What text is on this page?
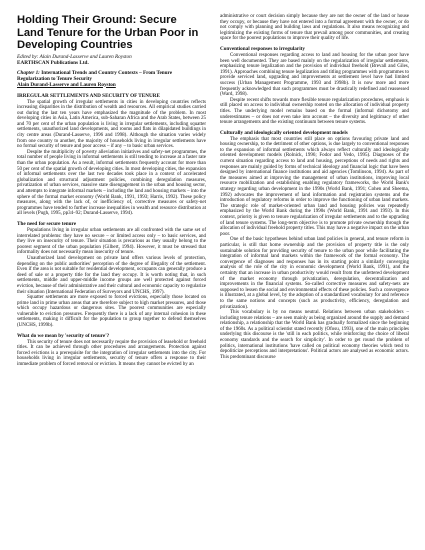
Holding Their Ground: Secure Land Tenure for the Urban Poor in Developing Countries
Edited by: Alain Durand-Lasserve and Lauren Royston
EARTHSCAN Publications Ltd.
Chapter 1: International Trends and Country Contexts – From Tenure Regularization to Tenure Security
Alain Durand-Lasserve and Lauren Royston
IRREGULAR SETTLEMENTS AND SECURITY OF TENURE

The spatial growth of irregular settlements in cities in developing countries reflects increasing disparities in the distribution of wealth and resources. All empirical studies carried out during the last ten years have emphasized the magnitude of the problem. In most developing cities in Asia, Latin America, sub-Saharan Africa and the Arab States, between 25 and 70 per cent of the urban population is living in irregular settlements, including squatter settlements, unauthorized land developments, and rooms and flats in dilapidated buildings in city centre areas (Durand-Lasserve, 1996 and 1998). Although the situation varies widely from one country to another, the majority of households living in irregular settlements have no formal security of tenure and poor access – if any – to basic urban services.

Despite the multiplicity of poverty alleviation initiatives and safety-net programmes, the total number of people living in informal settlements is still tending to increase at a faster rate than the urban population. As a result, informal settlements frequently account for more than 50 per cent of the spatial growth of developing cities. In most developing cities, the expansion of informal settlements over the last two decades took place in a context of accelerated globalization and structural adjustment policies, combining deregulation measures, privatization of urban services, massive state disengagement in the urban and housing sector, and attempts to integrate informal markets – including the land and housing markets – into the sphere of the formal market economy (World Bank, 1991, 1993; Harris, 1992). These policy measures, along with the lack of, or inefficiency of, corrective measures or safety-net programmes have tended to further increase inequalities in wealth and resource distribution at all levels (Pugh, 1995, pp34–92; Durand-Lasserve, 1994).

The need for secure tenure

Populations living in irregular urban settlements are all confronted with the same set of interrelated problems: they have no secure – or limited access only – to basic services, and they live on insecurity of tenure. Their situation is precarious as they usually belong to the poorest segment of the urban population (Gilbert, 1994). However, it must be stressed that informality does not necessarily mean insecurity of tenure.

Unauthorized land development on private land offers various levels of protection, depending on the public authorities' perception of the degree of illegality of the settlement. Even if the area is not suitable for residential development, occupants can generally produce a deed of sale or a property title for the land they occupy. It is worth noting that, in such settlements, middle and upper-middle income groups are well protected against forced eviction, because of their administrative and their cultural and economic capacity to regularize their situation (International Federation of Surveyors and UNCHS, 1997).

Squatter settlements are more exposed to forced evictions, especially those located on prime land in prime urban areas that are therefore subject to high market pressures, and those which occupy hazardous or dangerous sites. The poorest communities are especially vulnerable to eviction pressures. Frequently there is a lack of any internal cohesion in these settlements, making it difficult for the population to group together to defend themselves (UNCHS, 1999b).

What do we mean by 'security of tenure'?

This security of tenure does not necessarily require the provision of leasehold or freehold titles. It can be achieved through other procedures and arrangements. Protection against forced evictions is a prerequisite for the integration of irregular settlements into the city. For households living in irregular settlements, security of tenure offers a response to their immediate problem of forced removal or eviction. It means they cannot be evicted by an

administrative or court decision simply because they are not the owner of the land or house they occupy, or because they have not entered into a formal agreement with the owner, or do not comply with planning and building laws and regulations. It also means recognizing and legitimizing the existing forms of tenure that prevail among poor communities, and creating space for the poorest populations to improve their quality of life.

Conventional responses to irregularity

Conventional responses regarding access to land and housing for the urban poor have been well documented. They are based mainly on the regularization of irregular settlements, emphasizing tenure legalization and the provision of individual freehold (Brevall and Giles, 1991). Approaches combining tenure legalization and titling programmes with programmes to provide serviced land, upgrading and improvements at settlement level have had limited success (Urban Management Programme, 1993 and 1998b). It is now more and more frequently acknowledged that such programmes must be drastically redefined and reassessed (Ward, 1998).

Despite recent shifts towards more flexible tenure regularization procedures, emphasis is still placed on access to individual ownership rooted on the allocation of individual property titles. The underlying model remains based on the formal (informal dichotomy and underestimates – or does not even take into account – the diversity and legitimacy of other tenure arrangements and the existing continuum between tenure systems.

Culturally and ideologically oriented development models

The emphasis that most countries still place on options favouring private land and housing ownership, to the detriment of other options, is due largely to conventional responses to the expansion of informal settlements which always reflect culturally and ideologically oriented development models (Rolnick, 1996; Fodor and Vedo, 1995). Diagnoses of the current situation regarding access to land and housing, perceptions of needs and rights and responses are mainly guided by forms of technical ideology and financial logic that have been designed by international finance institutions and aid agencies (Tomlinson, 1994). As part of the measures aimed at improving the management of urban institutions, improving local resource mobilization and establishing enabling regulatory frameworks, the World Bank's strategy regarding urban development in the 1990s (World Bank, 1991; Cohen and Sheema, 1992) advocates the improvement of land information and registration systems and the introduction of regulatory reforms in order to improve the functioning of urban land markets. The strategic role of market-oriented urban land and housing policies was repeatedly emphasized by the World Bank during the 1990s (World Bank, 1991 and 1993). In this context, priority is given to tenure regularization of irregular settlements and to the upgrading of land tenure systems. The long-term objective is to promote private ownership through the allocation of individual freehold property titles. This may have a negative impact on the urban poor.

One of the basic hypotheses behind urban land policies in general, and tenure reform in particular, is still that home ownership and the provision of property title is the only sustainable solution for providing security of tenure to the urban poor while facilitating the integration of informal land markets within the framework of the formal economy. The convergence of diagnoses and responses has in its starting point a similarly converging analysis of the role of the city in economic development (World Bank, 1991), and the certainty that an increase in urban productivity would result from the unfettered development of the market economy through privatization, deregulation, decentralization and improvements in the financial systems. So-called corrective measures and safety-nets are supposed to lessen the social and environmental effects of these policies. Such a convergence is illustrated, at a global level, by the adoption of a standardized vocabulary for and reference to the same notions and concepts (such as productivity, efficiency, deregulation and privatization).

This vocabulary is by no means neutral. Relations between urban stakeholders – including tenure relations – are seen mainly as being organized around the supply and demand relationship, a relationship that the World Bank has gradually formalized since the beginning of the 1960s. As a political scientist stated recently (Ofosu, 1993), one of the main principles underlying this discourse is the 'still in each politics, while reinforcing the choice of liberal economy standards and the search for simplicity'. In order to get round the problem of politics, international institutions 'have called on political economy theories which tend to depoliticize perceptions and interpretations'. Political actors are analysed as economic actors. This predominant discourse
